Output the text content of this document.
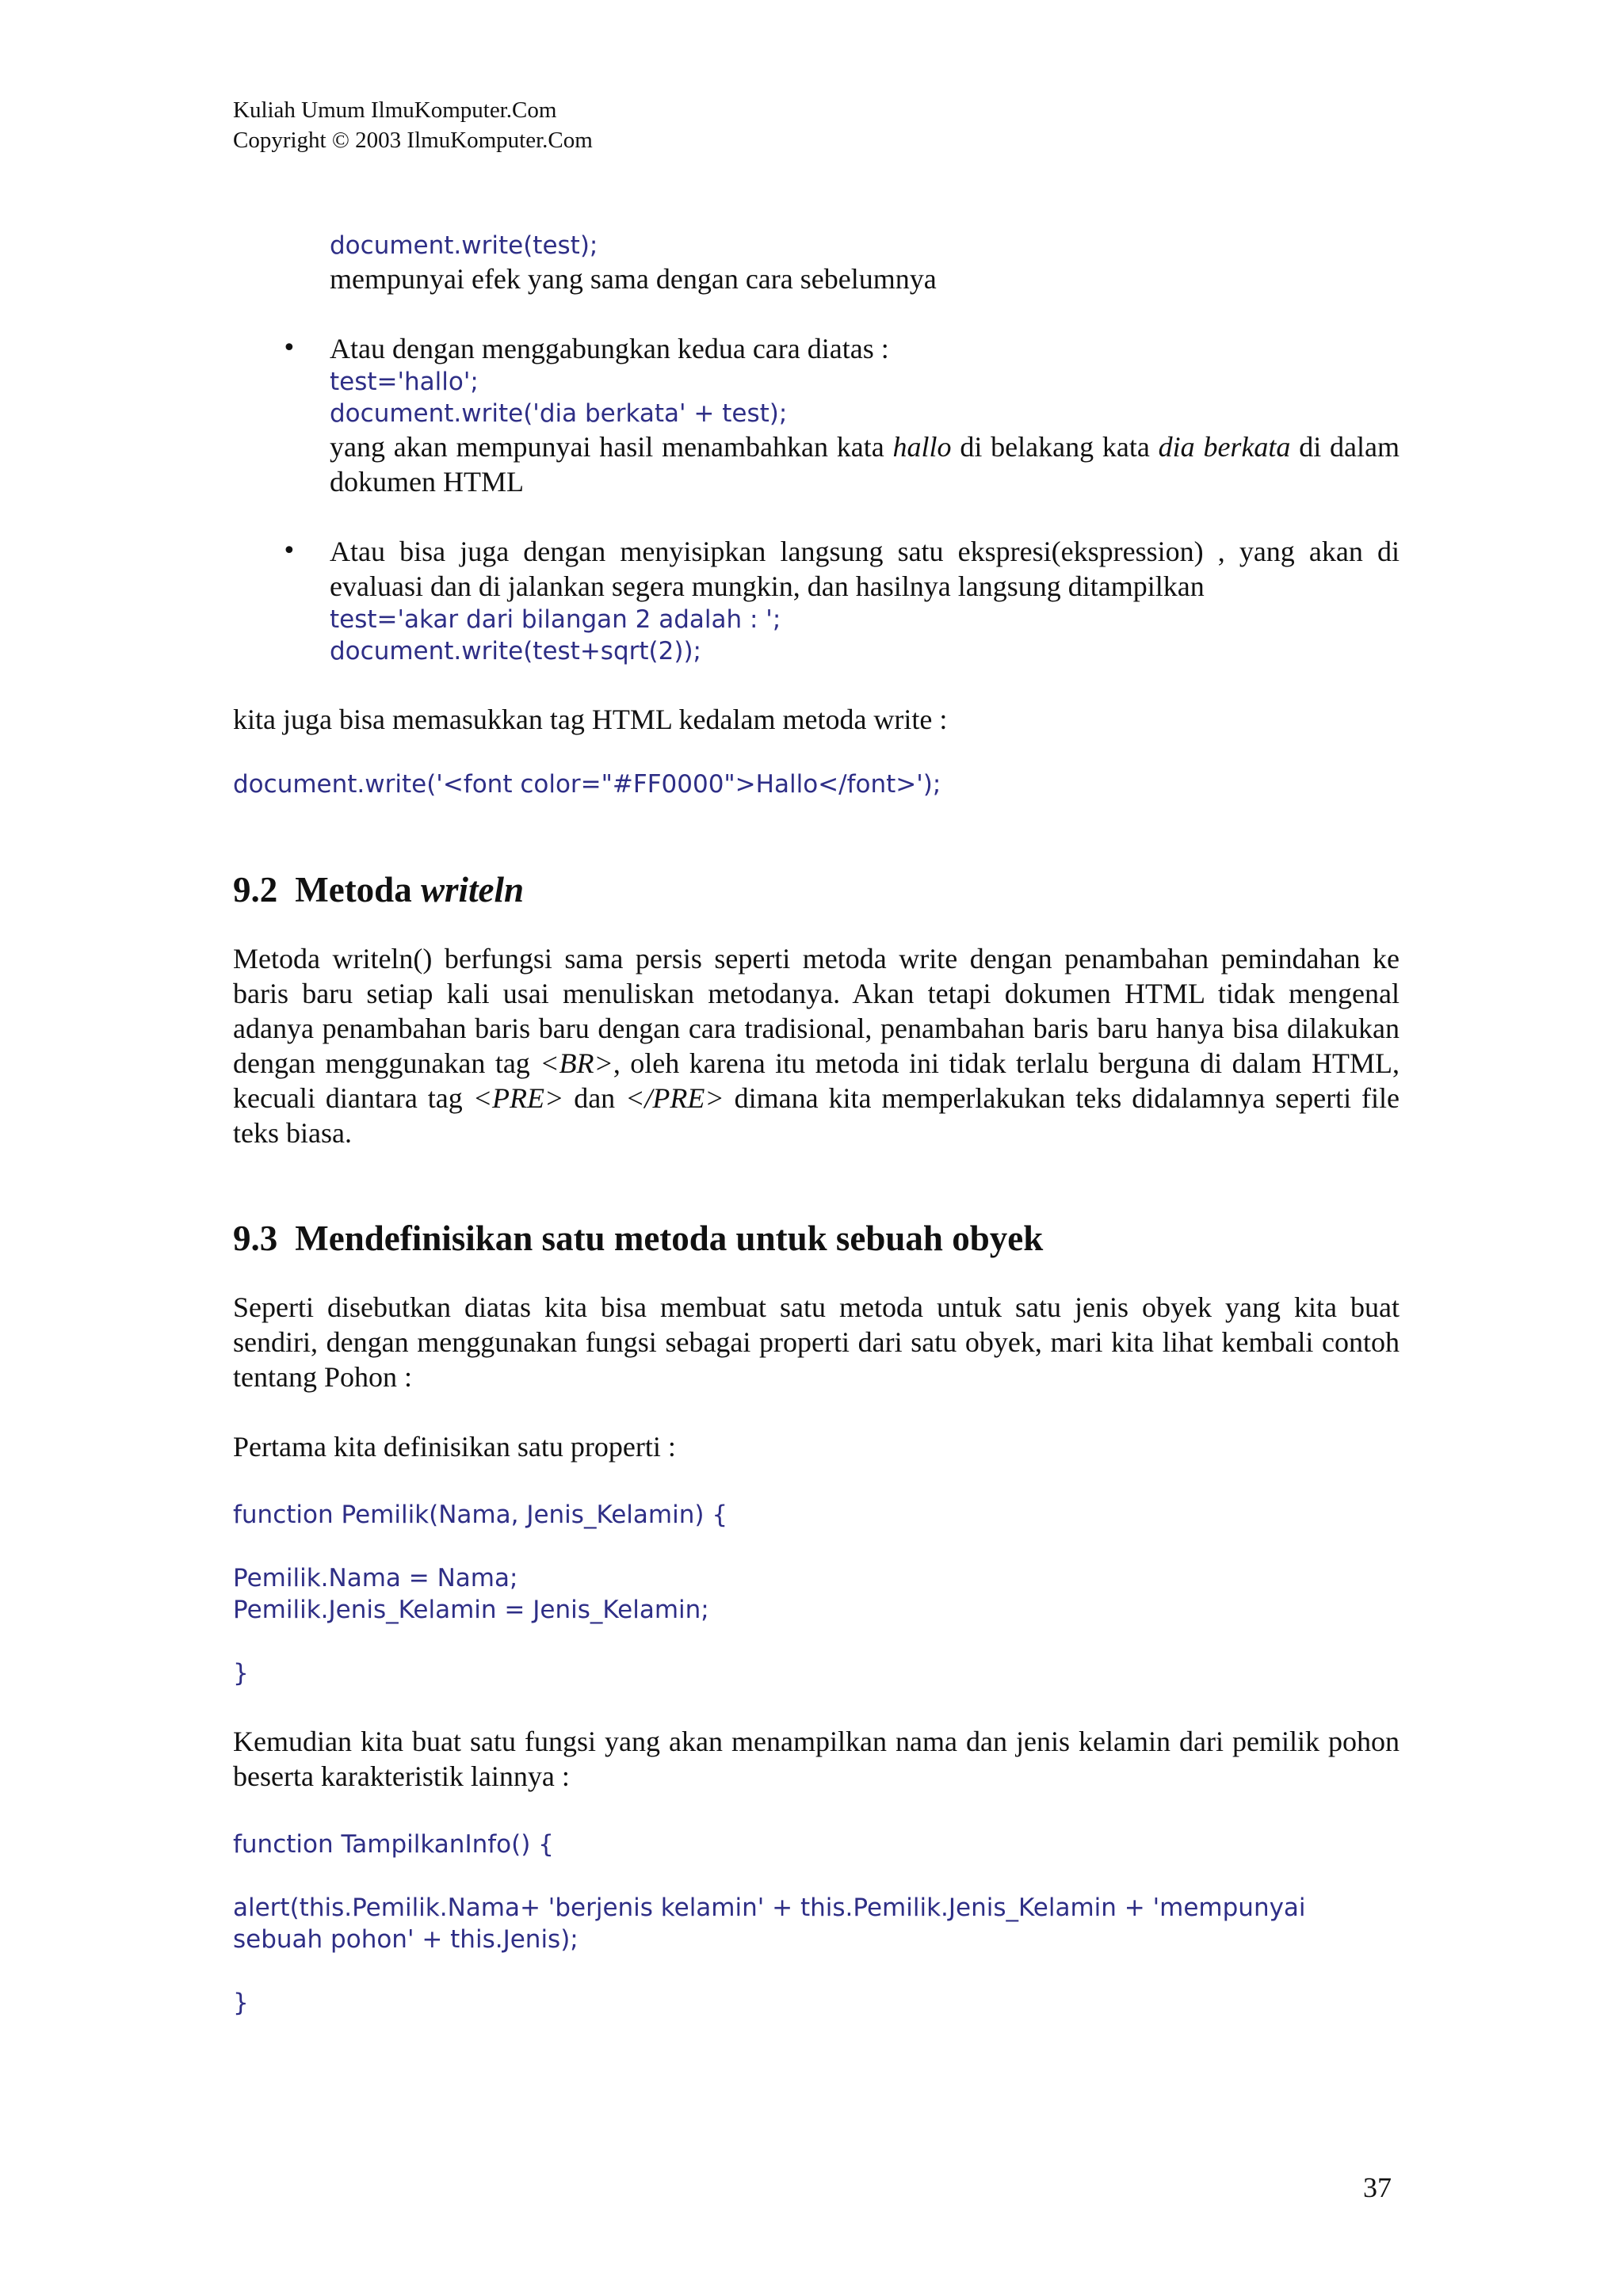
Kuliah Umum IlmuKomputer.Com
Copyright © 2003 IlmuKomputer.Com
document.write(test);
mempunyai efek yang sama dengan cara sebelumnya
• Atau dengan menggabungkan kedua cara diatas :
test='hallo';
document.write('dia berkata' + test);
yang akan mempunyai hasil menambahkan kata hallo di belakang kata dia berkata di dalam dokumen HTML
• Atau bisa juga dengan menyisipkan langsung satu ekspresi(ekspression) , yang akan di evaluasi dan di jalankan segera mungkin, dan hasilnya langsung ditampilkan
test='akar dari bilangan 2 adalah : ';
document.write(test+sqrt(2));
kita juga bisa memasukkan tag HTML kedalam metoda write :
document.write('<font color="#FF0000">Hallo</font>');
9.2 Metoda writeln
Metoda writeln() berfungsi sama persis seperti metoda write dengan penambahan pemindahan ke baris baru setiap kali usai menuliskan metodanya. Akan tetapi dokumen HTML tidak mengenal adanya penambahan baris baru dengan cara tradisional, penambahan baris baru hanya bisa dilakukan dengan menggunakan tag <BR>, oleh karena itu metoda ini tidak terlalu berguna di dalam HTML, kecuali diantara tag <PRE> dan </PRE> dimana kita memperlakukan teks didalamnya seperti file teks biasa.
9.3 Mendefinisikan satu metoda untuk sebuah obyek
Seperti disebutkan diatas kita bisa membuat satu metoda untuk satu jenis obyek yang kita buat sendiri, dengan menggunakan fungsi sebagai properti dari satu obyek, mari kita lihat kembali contoh tentang Pohon :
Pertama kita definisikan satu properti :
function Pemilik(Nama, Jenis_Kelamin) {
Pemilik.Nama = Nama;
Pemilik.Jenis_Kelamin = Jenis_Kelamin;
}
Kemudian kita buat satu fungsi yang akan menampilkan nama dan jenis kelamin dari pemilik pohon beserta karakteristik lainnya :
function TampilkanInfo() {
alert(this.Pemilik.Nama+ 'berjenis kelamin' + this.Pemilik.Jenis_Kelamin + 'mempunyai sebuah pohon' + this.Jenis);
}
37
